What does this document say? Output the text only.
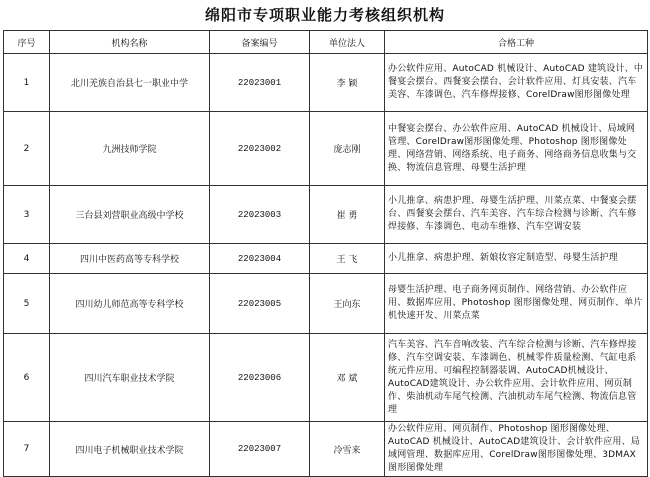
绵阳市专项职业能力考核组织机构
序号	机构名称	备案编号	单位法人	合格工种
1	北川羌族自治县七一职业中学	22023001	李 颖	办公软件应用、AutoCAD 机械设计、AutoCAD 建筑设计、中餐宴会摆台、西餐宴会摆台、会计软件应用、灯具安装、汽车美容、车漆调色、汽车修焊接修、CorelDraw图形图像处理
2	九洲技师学院	22023002	庞志刚	中餐宴会摆台、办公软件应用、AutoCAD 机械设计、局域网管理、CorelDraw图形图像处理、Photoshop 图形图像处理、网络营销、网络系统、电子商务、网络商务信息收集与交换、物流信息管理、母婴生活护理
3	三台县刘营职业高级中学校	22023003	崔 勇	小儿推拿、病患护理、母婴生活护理、川菜点菜、中餐宴会摆台、西餐宴会摆台、汽车美容、汽车综合检测与诊断、汽车修焊接修、车漆调色、电动车维修、汽车空调安装
4	四川中医药高等专科学校	22023004	王 飞	小儿推拿、病患护理、新娘妆容定制造型、母婴生活护理
5	四川幼儿师范高等专科学校	22023005	王向东	母婴生活护理、电子商务网页制作、网络营销、办公软件应用、数据库应用、Photoshop 图形图像处理、网页制作、单片机快速开发、川菜点菜
6	四川汽车职业技术学院	22023006	邓 斌	汽车美容、汽车音响改装、汽车综合检测与诊断、汽车修焊接修、汽车空调安装、车漆调色、机械零件质量检测、气缸电系统元件应用、可编程控制器装调、AutoCAD机械设计、AutoCAD建筑设计、办公软件应用、会计软件应用、网页制作、柴油机动车尾气检测、汽油机动车尾气检测、物流信息管理
7	四川电子机械职业技术学院	22023007	冷雪来	办公软件应用、网页制作、Photoshop 图形图像处理、AutoCAD 机械设计、AutoCAD建筑设计、会计软件应用、局域网管理、数据库应用、CorelDraw图形图像处理、3DMAX图形图像处理
